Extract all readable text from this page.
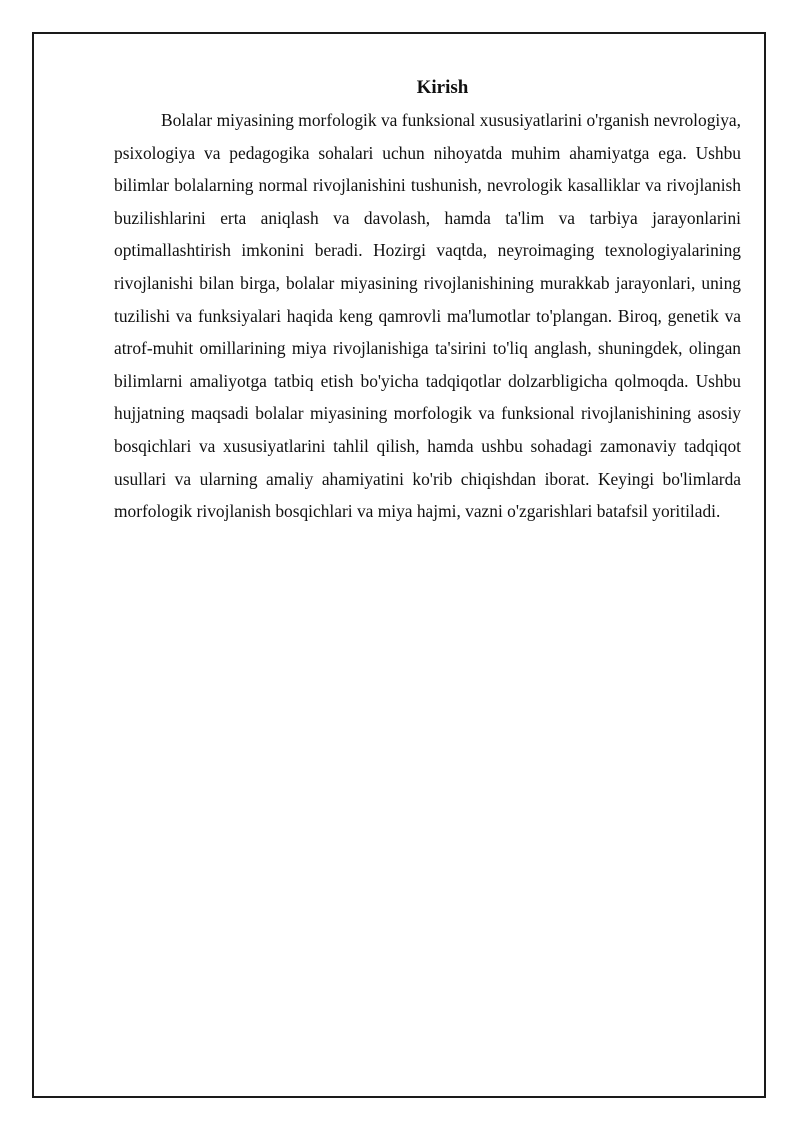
Kirish

Bolalar miyasining morfologik va funksional xususiyatlarini o'rganish nevrologiya, psixologiya va pedagogika sohalari uchun nihoyatda muhim ahamiyatga ega. Ushbu bilimlar bolalarning normal rivojlanishini tushunish, nevrologik kasalliklar va rivojlanish buzilishlarini erta aniqlash va davolash, hamda ta'lim va tarbiya jarayonlarini optimallashtirish imkonini beradi. Hozirgi vaqtda, neyroimaging texnologiyalarining rivojlanishi bilan birga, bolalar miyasining rivojlanishining murakkab jarayonlari, uning tuzilishi va funksiyalari haqida keng qamrovli ma'lumotlar to'plangan. Biroq, genetik va atrof-muhit omillarining miya rivojlanishiga ta'sirini to'liq anglash, shuningdek, olingan bilimlarni amaliyotga tatbiq etish bo'yicha tadqiqotlar dolzarbligicha qolmoqda. Ushbu hujjatning maqsadi bolalar miyasining morfologik va funksional rivojlanishining asosiy bosqichlari va xususiyatlarini tahlil qilish, hamda ushbu sohadagi zamonaviy tadqiqot usullari va ularning amaliy ahamiyatini ko'rib chiqishdan iborat. Keyingi bo'limlarda morfologik rivojlanish bosqichlari va miya hajmi, vazni o'zgarishlari batafsil yoritiladi.
